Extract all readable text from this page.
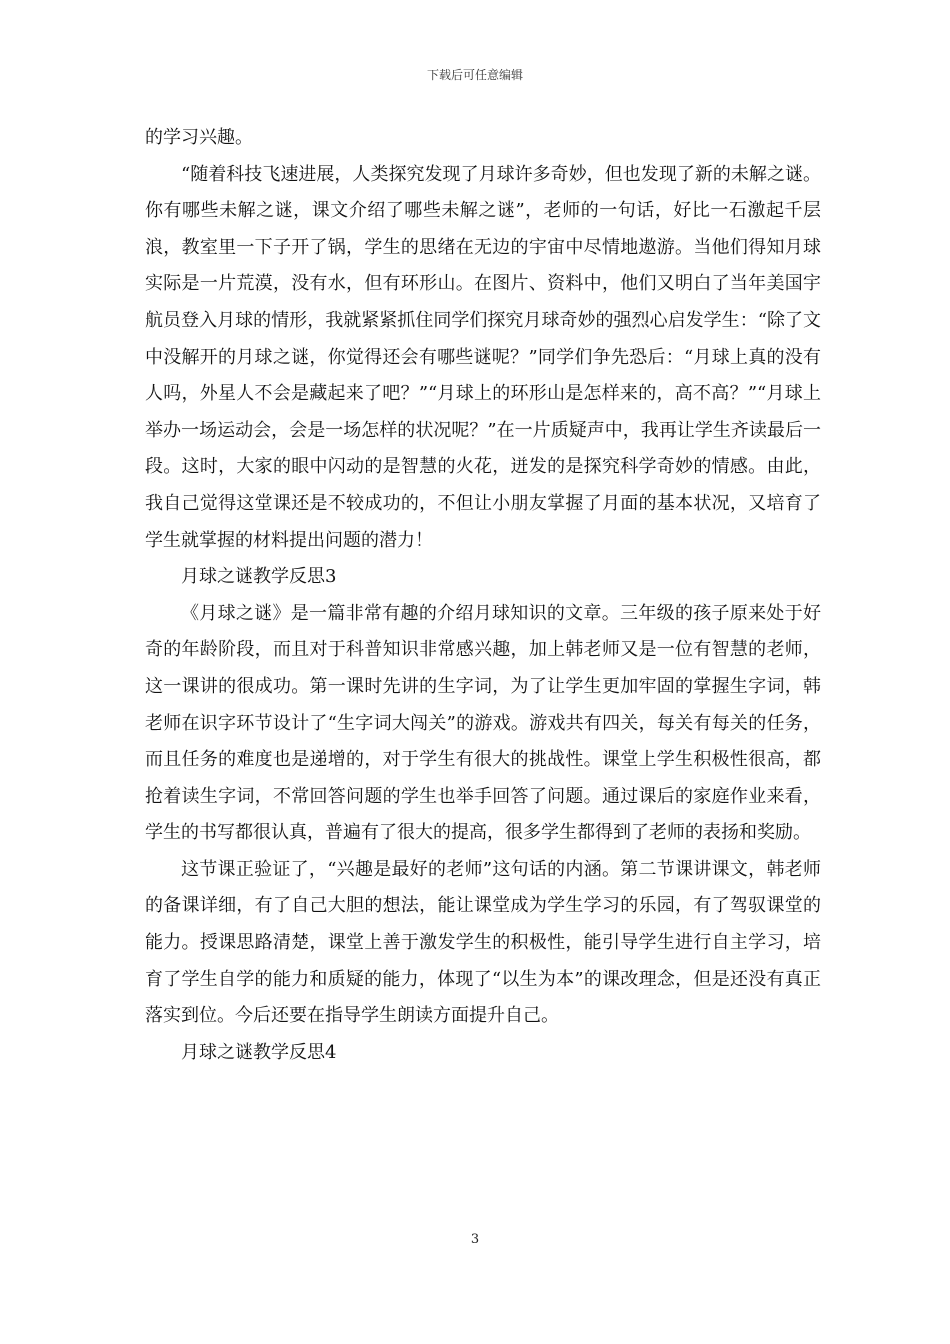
下载后可任意编辑

的学习兴趣。

“随着科技飞速进展，人类探究发现了月球许多奇妙，但也发现了新的未解之谜。你有哪些未解之谜，课文介绍了哪些未解之谜”，老师的一句话，好比一石激起千层浪，教室里一下子开了锅，学生的思绪在无边的宇宙中尽情地遨游。当他们得知月球实际是一片荒漠，没有水，但有环形山。在图片、资料中，他们又明白了当年美国宇航员登入月球的情形，我就紧紧抓住同学们探究月球奇妙的强烈心启发学生：“除了文中没解开的月球之谜，你觉得还会有哪些谜呢？”同学们争先恐后：“月球上真的没有人吗，外星人不会是藏起来了吧？”“月球上的环形山是怎样来的，高不高？”“月球上举办一场运动会，会是一场怎样的状况呢？”在一片质疑声中，我再让学生齐读最后一段。这时，大家的眼中闪动的是智慧的火花，迸发的是探究科学奇妙的情感。由此，我自己觉得这堂课还是不较成功的，不但让小朋友掌握了月面的基本状况，又培育了学生就掌握的材料提出问题的潜力！

月球之谜教学反思3

《月球之谜》是一篇非常有趣的介绍月球知识的文章。三年级的孩子原来处于好奇的年龄阶段，而且对于科普知识非常感兴趣，加上韩老师又是一位有智慧的老师，这一课讲的很成功。第一课时先讲的生字词，为了让学生更加牢固的掌握生字词，韩老师在识字环节设计了“生字词大闯关”的游戏。游戏共有四关，每关有每关的任务，而且任务的难度也是递增的，对于学生有很大的挑战性。课堂上学生积极性很高，都抢着读生字词，不常回答问题的学生也举手回答了问题。通过课后的家庭作业来看，学生的书写都很认真，普遍有了很大的提高，很多学生都得到了老师的表扬和奖励。

这节课正验证了，“兴趣是最好的老师”这句话的内涵。第二节课讲课文，韩老师的备课详细，有了自己大胆的想法，能让课堂成为学生学习的乐园，有了驾驭课堂的能力。授课思路清楚，课堂上善于激发学生的积极性，能引导学生进行自主学习，培育了学生自学的能力和质疑的能力，体现了“以生为本”的课改理念，但是还没有真正落实到位。今后还要在指导学生朗读方面提升自己。

月球之谜教学反思4

3
